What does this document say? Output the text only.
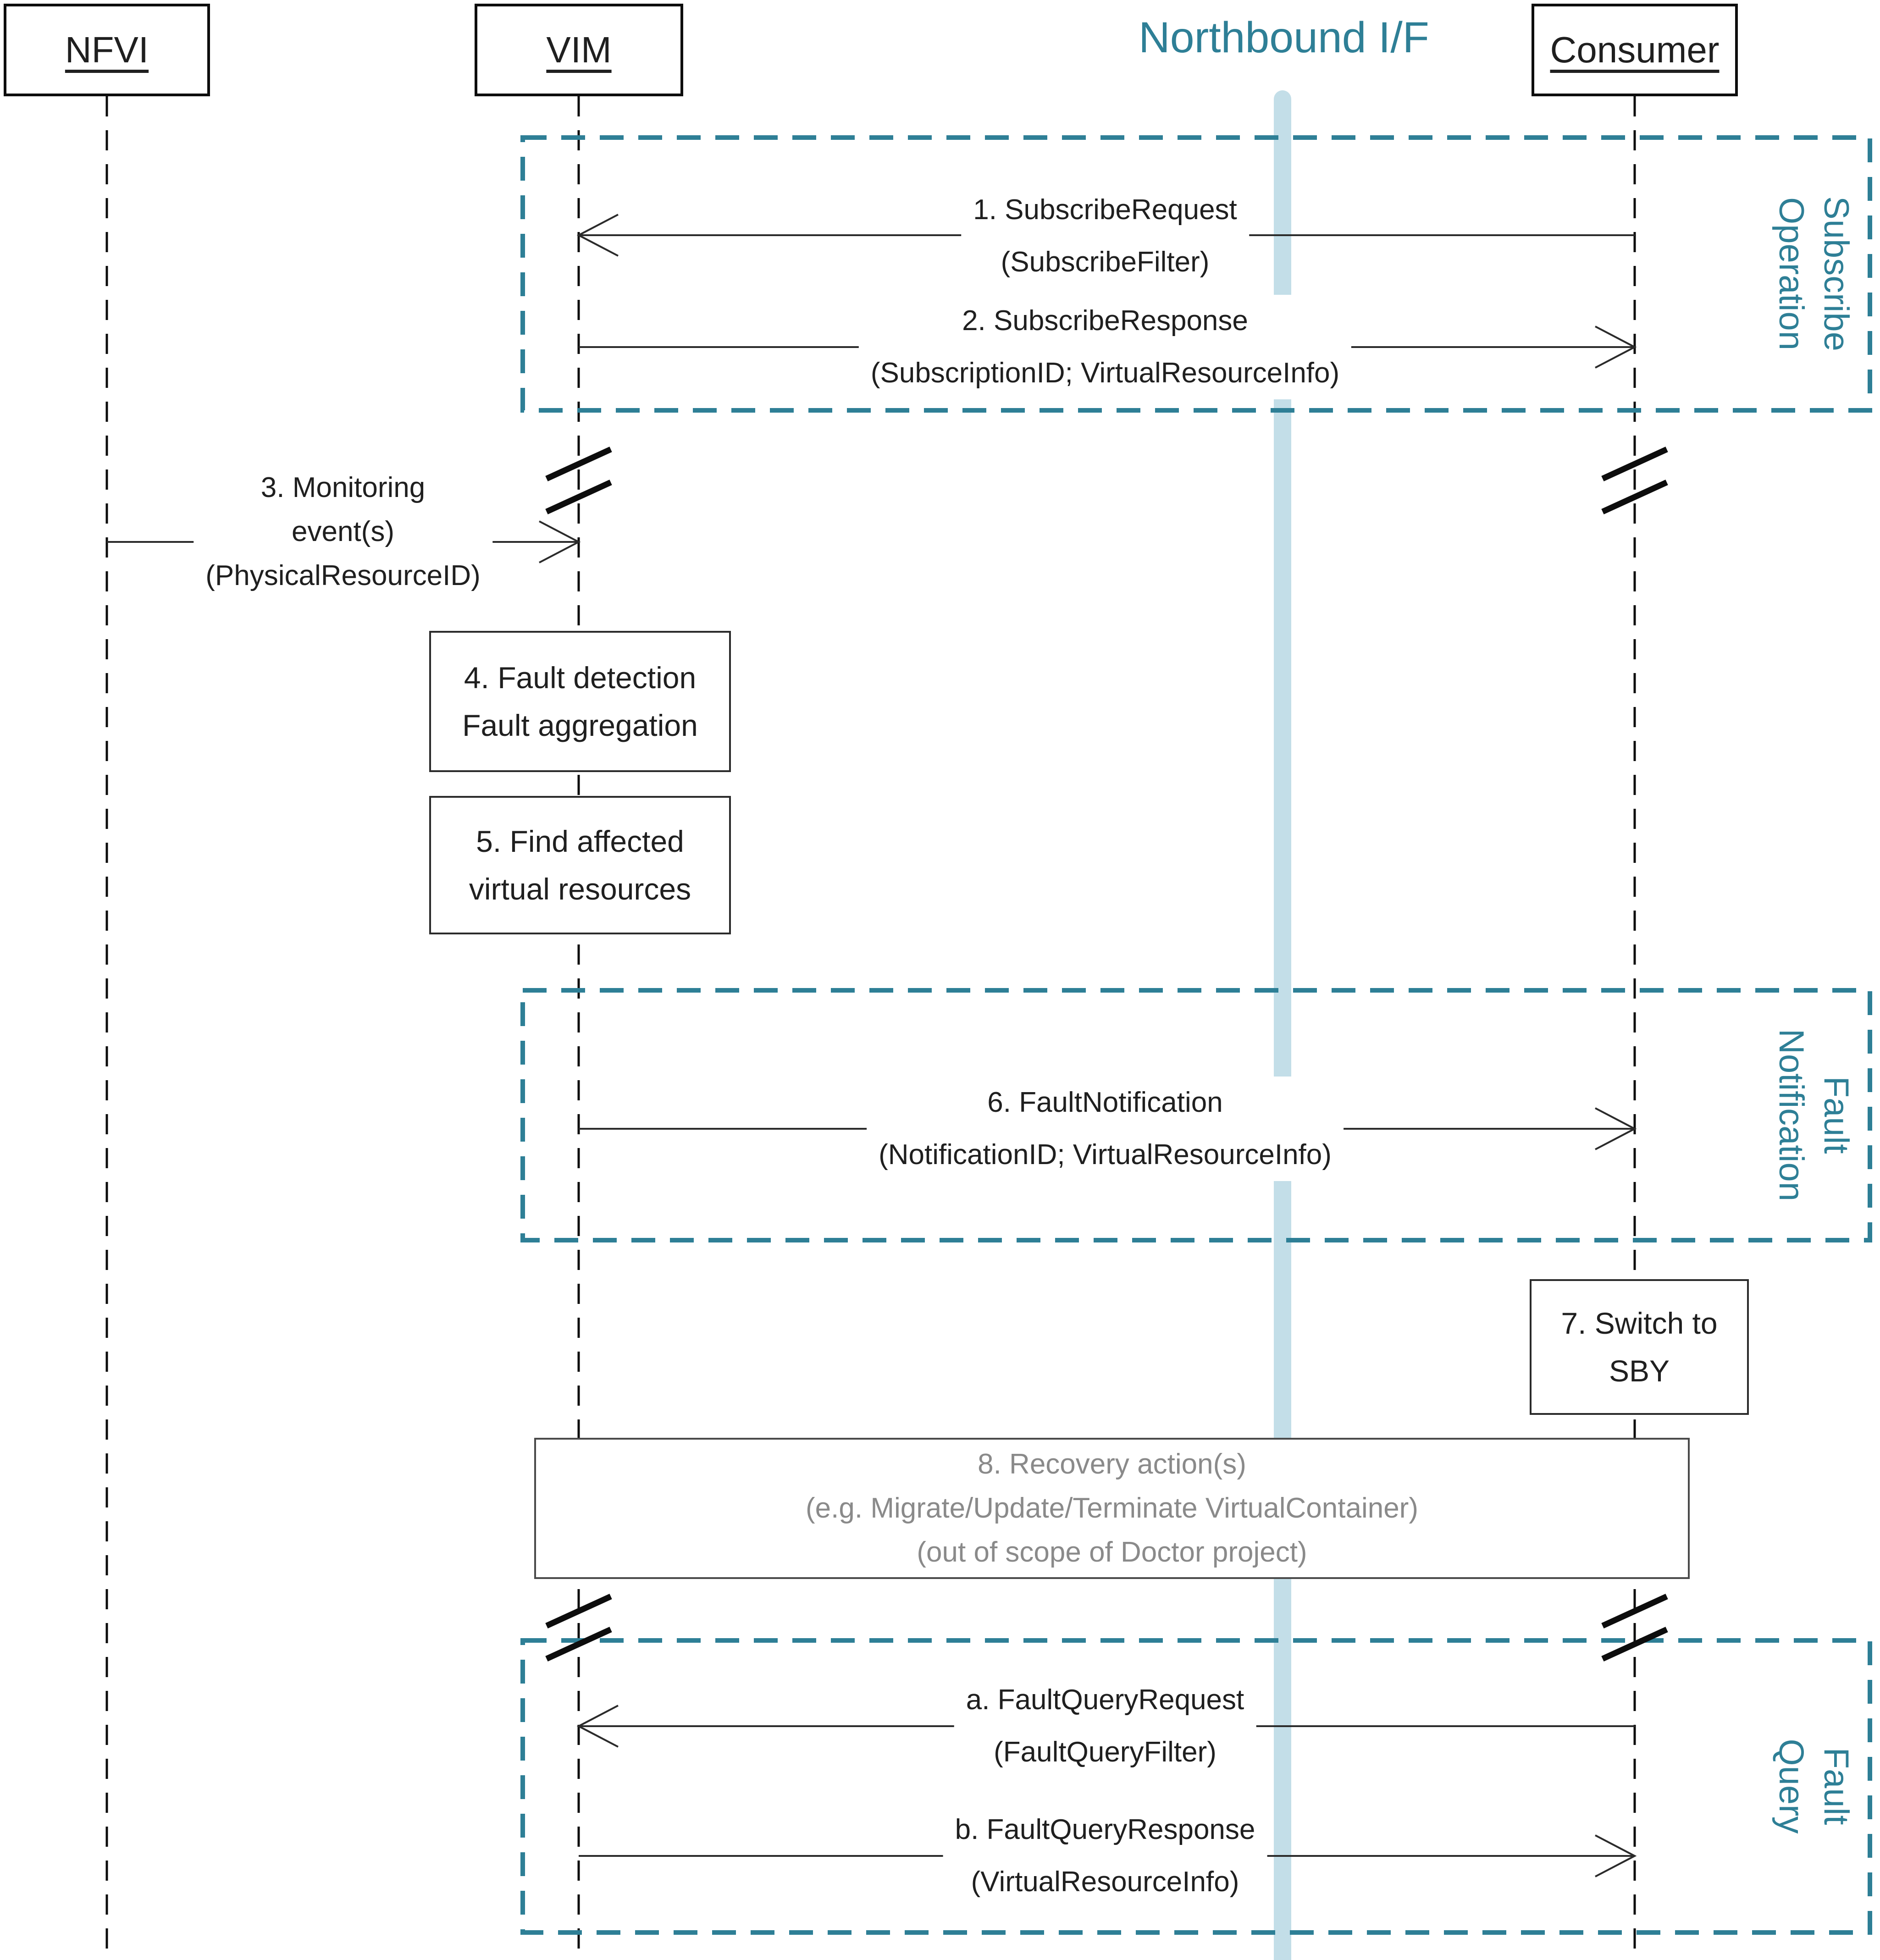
NFVI	VIM	Consumer
Northbound I/F
Subscribe
Operation
Fault
Notification
Fault
Query
1. SubscribeRequest
(SubscribeFilter)
2. SubscribeResponse
(SubscriptionID; VirtualResourceInfo)
3. Monitoring
event(s)
(PhysicalResourceID)
6. FaultNotification
(NotificationID; VirtualResourceInfo)
a. FaultQueryRequest
(FaultQueryFilter)
b. FaultQueryResponse
(VirtualResourceInfo)
4. Fault detection
Fault aggregation
5. Find affected
virtual resources
7. Switch to
SBY
8. Recovery action(s)
(e.g. Migrate/Update/Terminate VirtualContainer)
(out of scope of Doctor project)
